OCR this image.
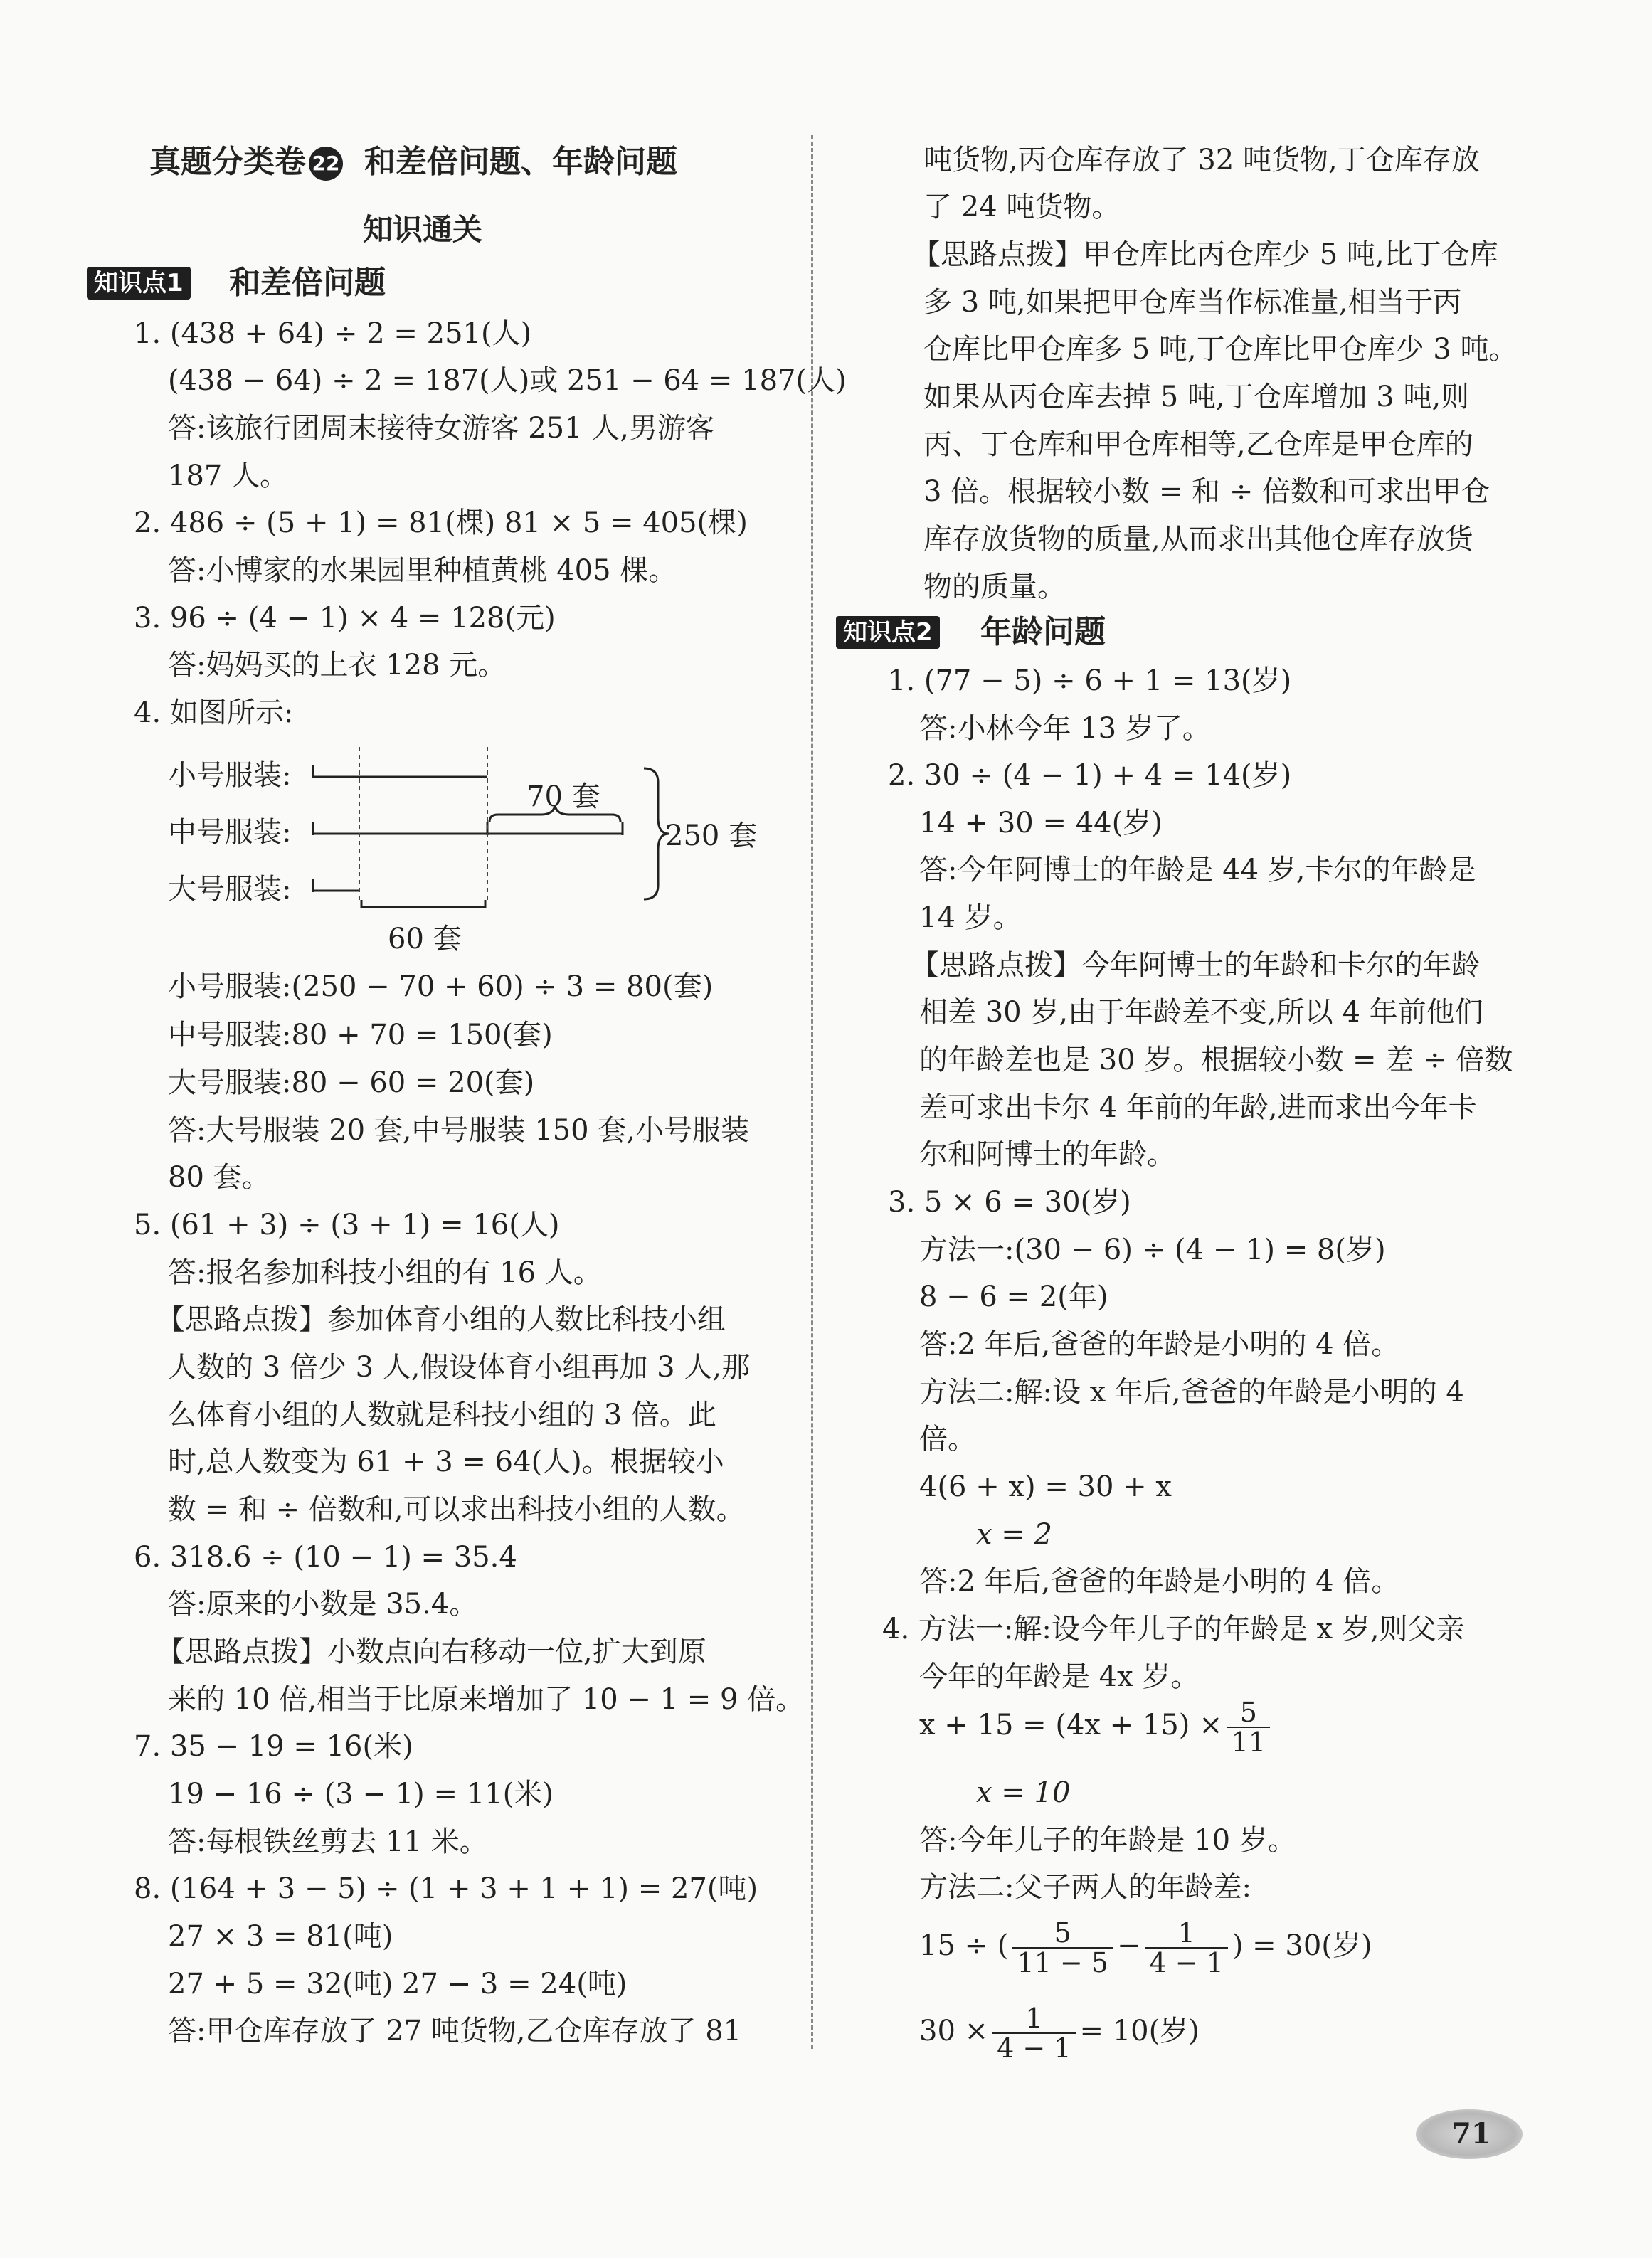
真题分类卷 22 和差倍问题、年龄问题
知识通关
知识点1 和差倍问题
1. (438 + 64) ÷ 2 = 251(人)
(438 − 64) ÷ 2 = 187(人)或 251 − 64 = 187(人)
答:该旅行团周末接待女游客 251 人,男游客
187 人。
2. 486 ÷ (5 + 1) = 81(棵) 81 × 5 = 405(棵)
答:小博家的水果园里种植黄桃 405 棵。
3. 96 ÷ (4 − 1) × 4 = 128(元)
答:妈妈买的上衣 128 元。
4. 如图所示:
小号服装:
中号服装:
大号服装:
70 套
250 套
60 套
小号服装:(250 − 70 + 60) ÷ 3 = 80(套)
中号服装:80 + 70 = 150(套)
大号服装:80 − 60 = 20(套)
答:大号服装 20 套,中号服装 150 套,小号服装
80 套。
5. (61 + 3) ÷ (3 + 1) = 16(人)
答:报名参加科技小组的有 16 人。
【思路点拨】参加体育小组的人数比科技小组
人数的 3 倍少 3 人,假设体育小组再加 3 人,那
么体育小组的人数就是科技小组的 3 倍。此
时,总人数变为 61 + 3 = 64(人)。根据较小
数 = 和 ÷ 倍数和,可以求出科技小组的人数。
6. 318.6 ÷ (10 − 1) = 35.4
答:原来的小数是 35.4。
【思路点拨】小数点向右移动一位,扩大到原
来的 10 倍,相当于比原来增加了 10 − 1 = 9 倍。
7. 35 − 19 = 16(米)
19 − 16 ÷ (3 − 1) = 11(米)
答:每根铁丝剪去 11 米。
8. (164 + 3 − 5) ÷ (1 + 3 + 1 + 1) = 27(吨)
27 × 3 = 81(吨)
27 + 5 = 32(吨) 27 − 3 = 24(吨)
答:甲仓库存放了 27 吨货物,乙仓库存放了 81
吨货物,丙仓库存放了 32 吨货物,丁仓库存放
了 24 吨货物。
【思路点拨】甲仓库比丙仓库少 5 吨,比丁仓库
多 3 吨,如果把甲仓库当作标准量,相当于丙
仓库比甲仓库多 5 吨,丁仓库比甲仓库少 3 吨。
如果从丙仓库去掉 5 吨,丁仓库增加 3 吨,则
丙、丁仓库和甲仓库相等,乙仓库是甲仓库的
3 倍。根据较小数 = 和 ÷ 倍数和可求出甲仓
库存放货物的质量,从而求出其他仓库存放货
物的质量。
知识点2 年龄问题
1. (77 − 5) ÷ 6 + 1 = 13(岁)
答:小林今年 13 岁了。
2. 30 ÷ (4 − 1) + 4 = 14(岁)
14 + 30 = 44(岁)
答:今年阿博士的年龄是 44 岁,卡尔的年龄是
14 岁。
【思路点拨】今年阿博士的年龄和卡尔的年龄
相差 30 岁,由于年龄差不变,所以 4 年前他们
的年龄差也是 30 岁。根据较小数 = 差 ÷ 倍数
差可求出卡尔 4 年前的年龄,进而求出今年卡
尔和阿博士的年龄。
3. 5 × 6 = 30(岁)
方法一:(30 − 6) ÷ (4 − 1) = 8(岁)
8 − 6 = 2(年)
答:2 年后,爸爸的年龄是小明的 4 倍。
方法二:解:设 x 年后,爸爸的年龄是小明的 4
倍。
4(6 + x) = 30 + x
x = 2
答:2 年后,爸爸的年龄是小明的 4 倍。
4. 方法一:解:设今年儿子的年龄是 x 岁,则父亲
今年的年龄是 4x 岁。
$x + 15 = (4x + 15) \times \frac{5}{11}$
x = 10
答:今年儿子的年龄是 10 岁。
方法二:父子两人的年龄差:
15 ÷ ( $\frac{5}{11 - 5} - \frac{1}{4 - 1}$ ) = 30(岁)
$30 \times \frac{1}{4 - 1} = 10$(岁)
71
